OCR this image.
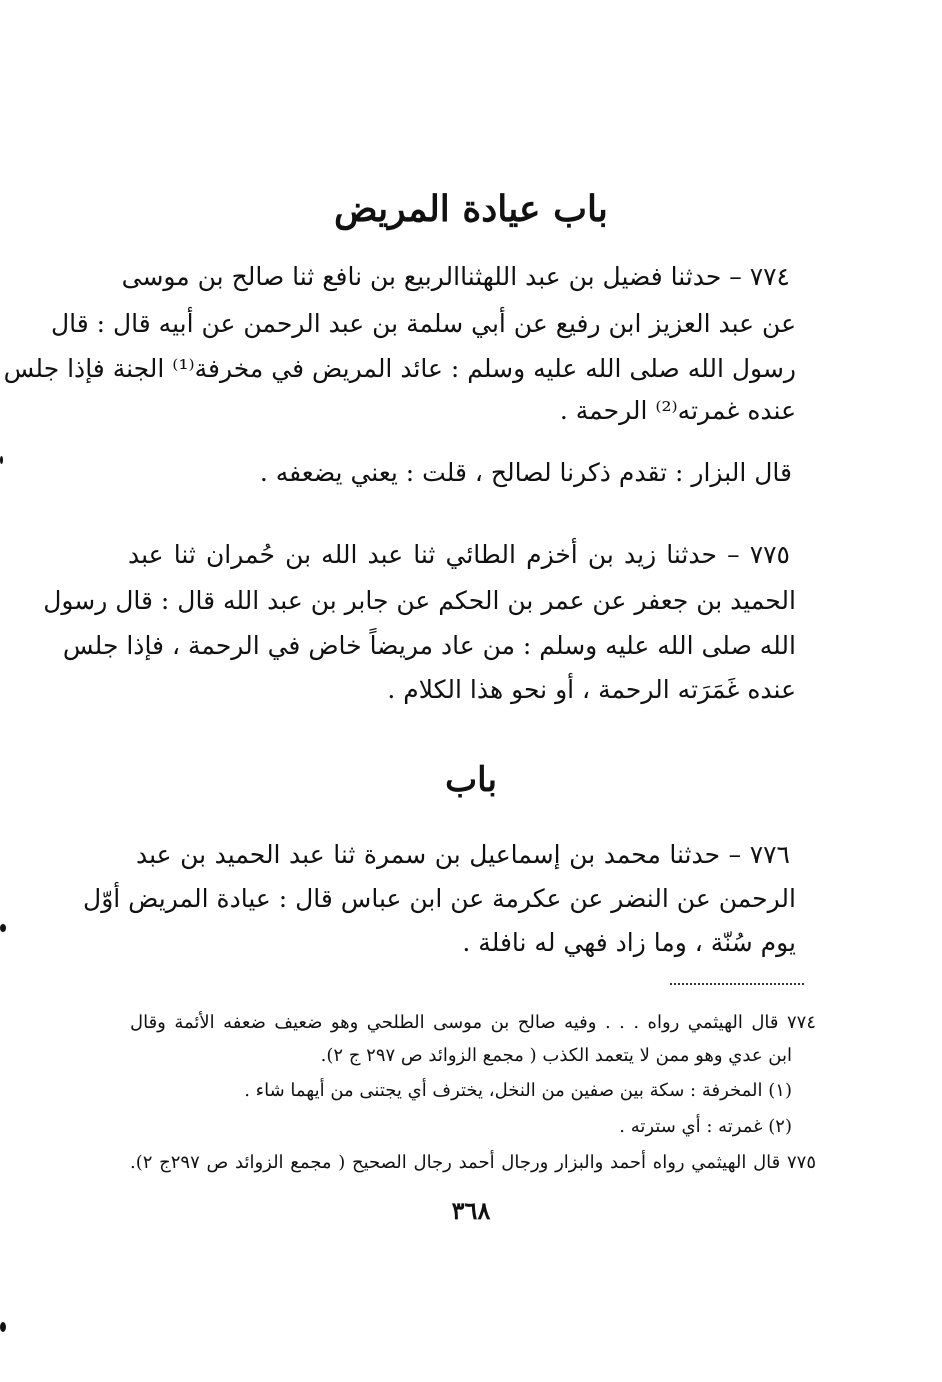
باب عيادة المريض
٧٧٤ – حدثنا فضيل بن عبد اللهثناالربيع بن نافع ثنا صالح بن موسى
عن عبد العزيز ابن رفيع عن أبي سلمة بن عبد الرحمن عن أبيه قال : قال
رسول الله صلى الله عليه وسلم : عائد المريض في مخرفة⁽¹⁾ الجنة فإذا جلس
عنده غمرته⁽²⁾ الرحمة .
قال البزار : تقدم ذكرنا لصالح ، قلت : يعني يضعفه .
٧٧٥ – حدثنا زيد بن أخزم الطائي ثنا عبد الله بن حُمران ثنا عبد
الحميد بن جعفر عن عمر بن الحكم عن جابر بن عبد الله قال : قال رسول
الله صلى الله عليه وسلم : من عاد مريضاً خاض في الرحمة ، فإذا جلس
عنده غَمَرَته الرحمة ، أو نحو هذا الكلام .
باب
٧٧٦ – حدثنا محمد بن إسماعيل بن سمرة ثنا عبد الحميد بن عبد
الرحمن عن النضر عن عكرمة عن ابن عباس قال : عيادة المريض أوّل
يوم سُنّة ، وما زاد فهي له نافلة .
٧٧٤ قال الهيثمي رواه . . . وفيه صالح بن موسى الطلحي وهو ضعيف ضعفه الأئمة وقال
ابن عدي وهو ممن لا يتعمد الكذب ( مجمع الزوائد ص ٢٩٧ ج ٢).
(١) المخرفة : سكة بين صفين من النخل، يخترف أي يجتنى من أيهما شاء .
(٢) غمرته : أي سترته .
٧٧٥ قال الهيثمي رواه أحمد والبزار ورجال أحمد رجال الصحيح ( مجمع الزوائد ص ٢٩٧ج ٢).
٣٦٨
